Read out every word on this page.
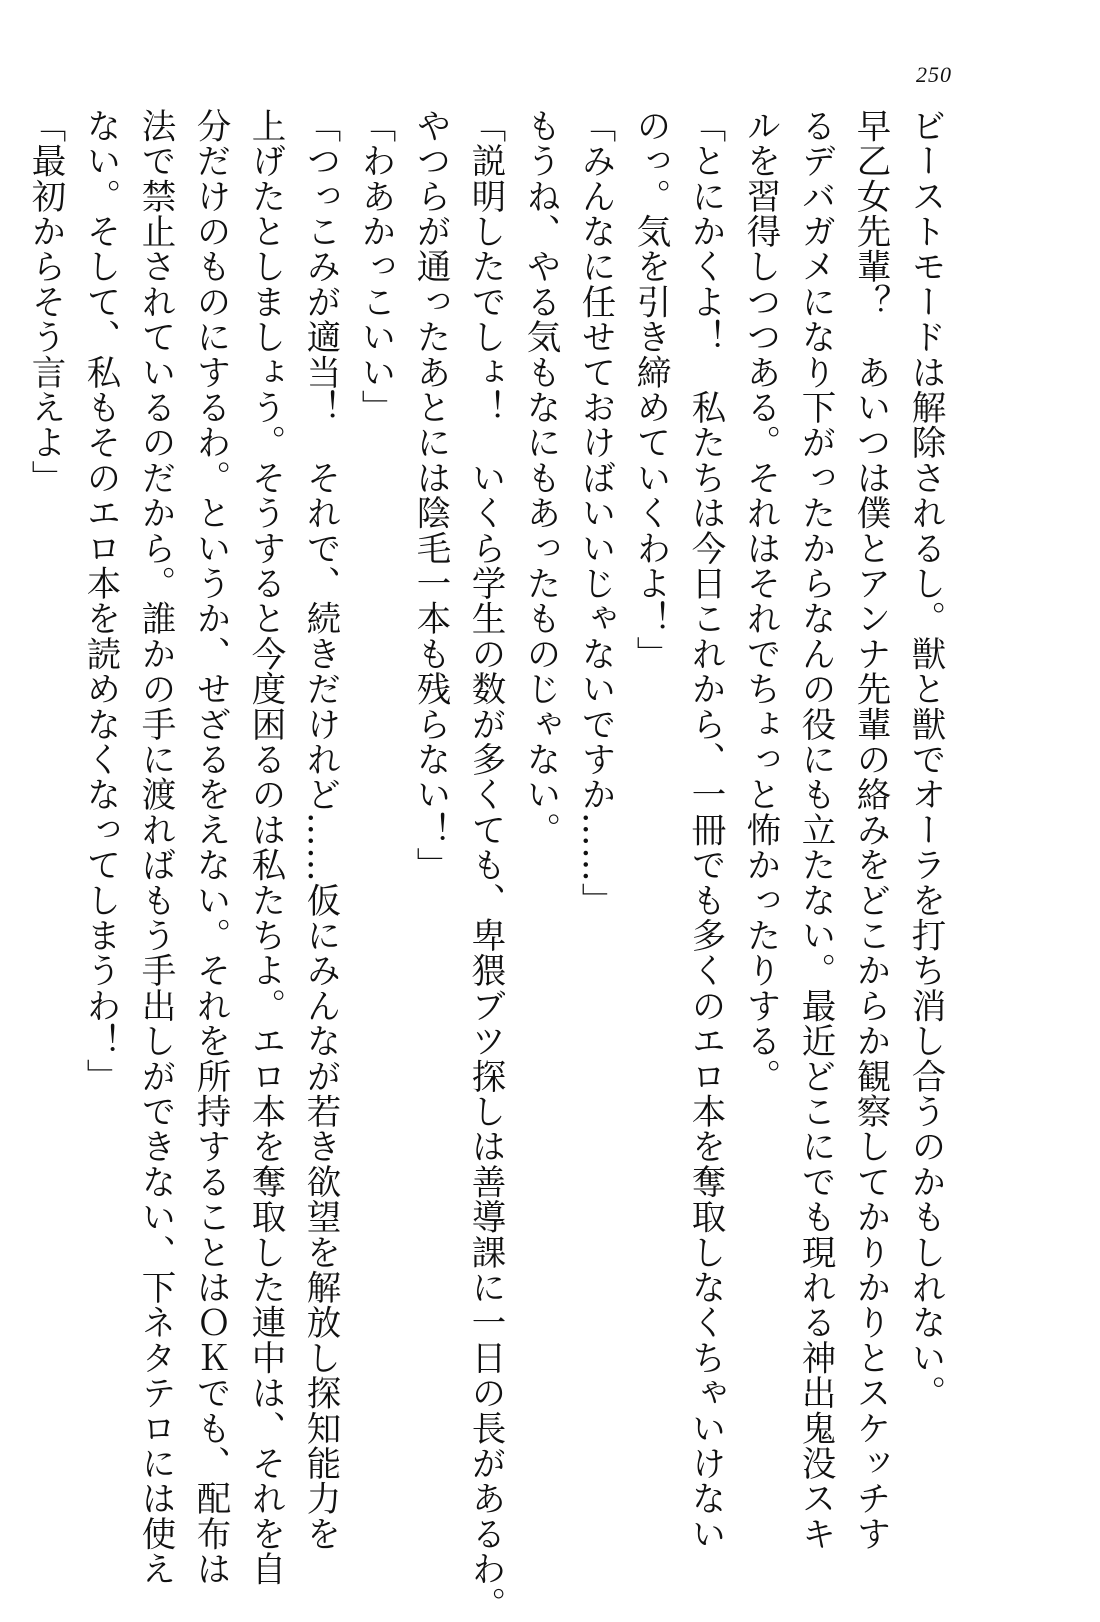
250
ビーストモードは解除されるし。獣と獣でオーラを打ち消し合うのかもしれない。
早乙女先輩？　あいつは僕とアンナ先輩の絡みをどこからか観察してかりかりとスケッチす
るデバガメになり下がったからなんの役にも立たない。最近どこにでも現れる神出鬼没スキ
ルを習得しつつある。それはそれでちょっと怖かったりする。
「とにかくよ！　私たちは今日これから、一冊でも多くのエロ本を奪取しなくちゃいけない
のっ。気を引き締めていくわよ！」
「みんなに任せておけばいいじゃないですか……」
もうね、やる気もなにもあったものじゃない。
「説明したでしょ！　いくら学生の数が多くても、卑猥ブツ探しは善導課に一日の長があるわ。
やつらが通ったあとには陰毛一本も残らない！」
「わあかっこいい」
「つっこみが適当！　それで、続きだけれど……仮にみんなが若き欲望を解放し探知能力を
上げたとしましょう。そうすると今度困るのは私たちよ。エロ本を奪取した連中は、それを自
分だけのものにするわ。というか、せざるをえない。それを所持することはＯＫでも、配布は
法で禁止されているのだから。誰かの手に渡ればもう手出しができない、下ネタテロには使え
ない。そして、私もそのエロ本を読めなくなってしまうわ！」
「最初からそう言えよ」
